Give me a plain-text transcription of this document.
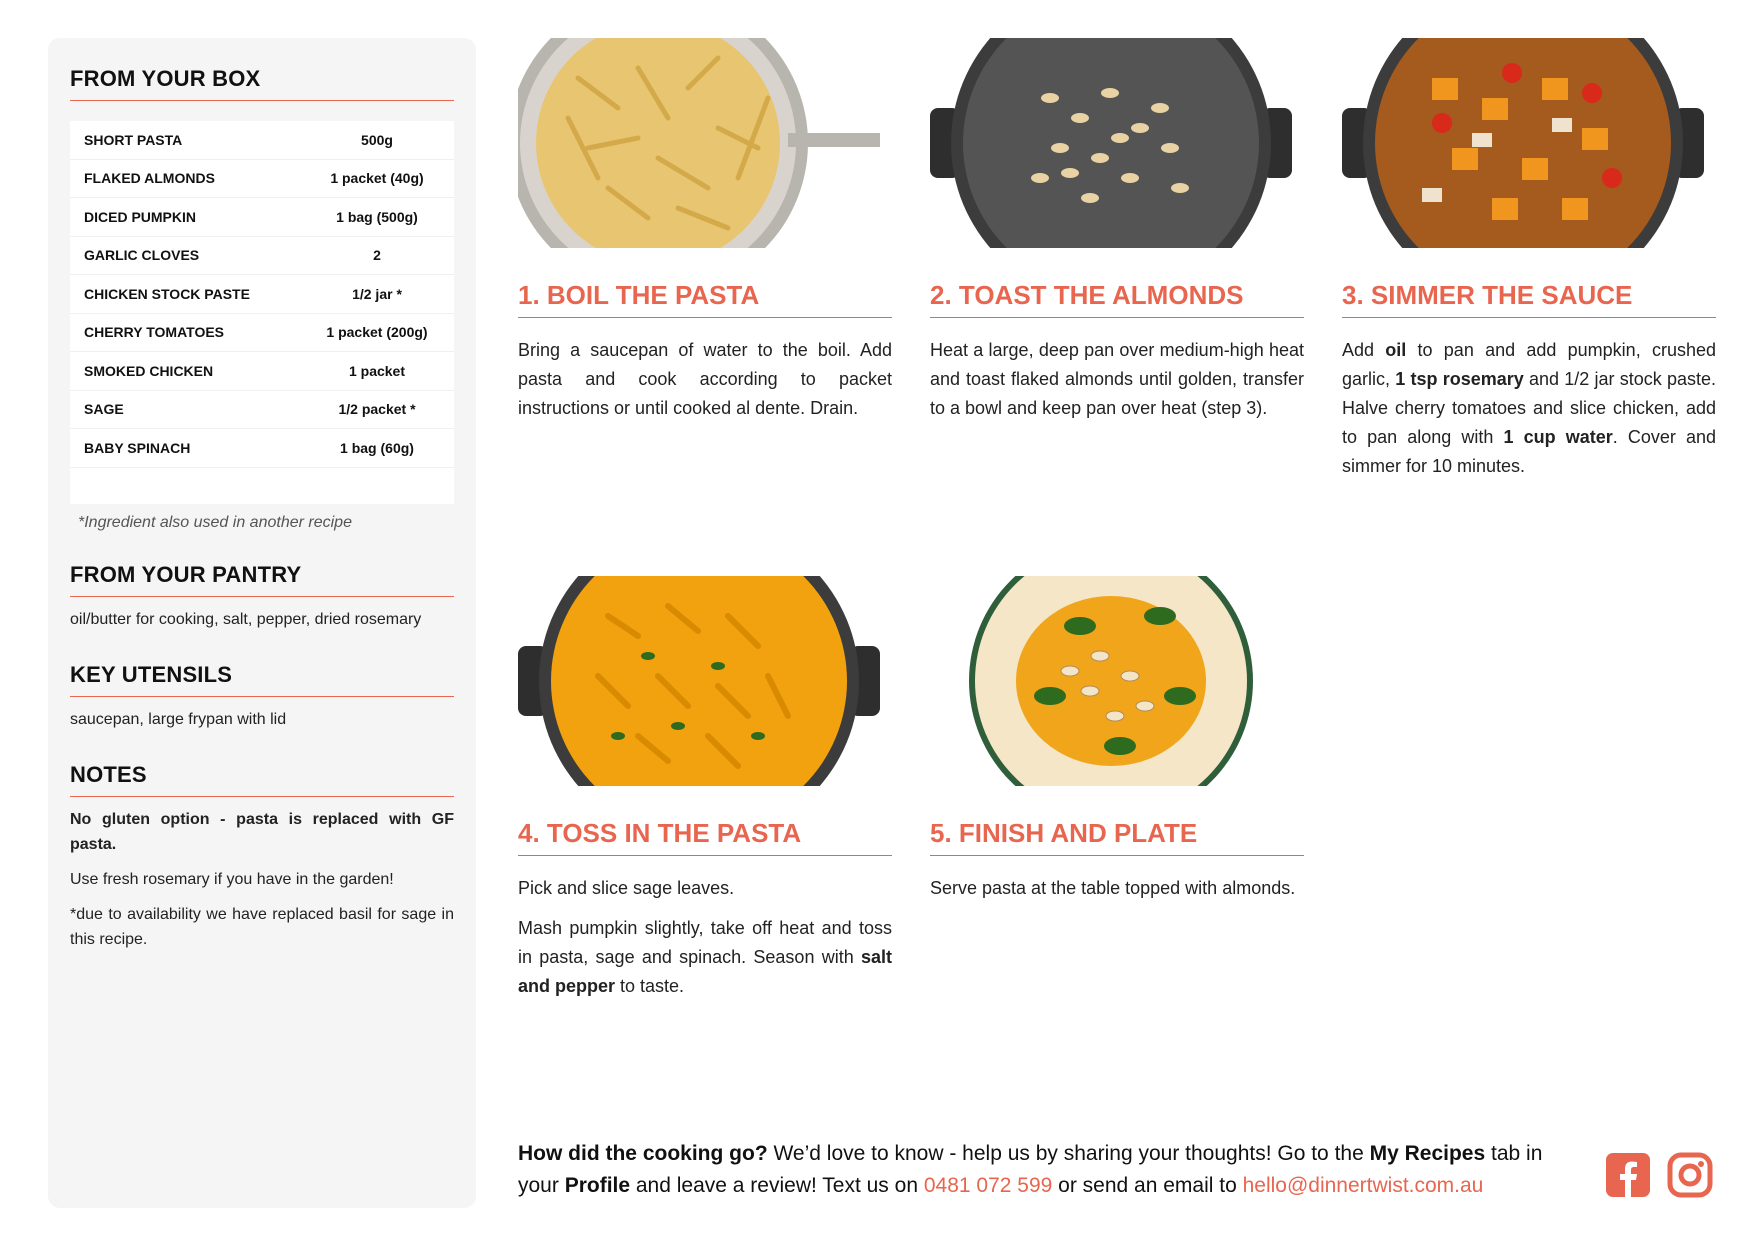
FROM YOUR BOX
SHORT PASTA	500g
FLAKED ALMONDS	1 packet (40g)
DICED PUMPKIN	1 bag (500g)
GARLIC CLOVES	2
CHICKEN STOCK PASTE	1/2 jar *
CHERRY TOMATOES	1 packet (200g)
SMOKED CHICKEN	1 packet
SAGE	1/2 packet *
BABY SPINACH	1 bag (60g)
*Ingredient also used in another recipe
FROM YOUR PANTRY
oil/butter for cooking, salt, pepper, dried rosemary
KEY UTENSILS
saucepan, large frypan with lid
NOTES
No gluten option - pasta is replaced with GF pasta.
Use fresh rosemary if you have in the garden!
*due to availability we have replaced basil for sage in this recipe.
1. BOIL THE PASTA
Bring a saucepan of water to the boil. Add pasta and cook according to packet instructions or until cooked al dente. Drain.
2. TOAST THE ALMONDS
Heat a large, deep pan over medium-high heat and toast flaked almonds until golden, transfer to a bowl and keep pan over heat (step 3).
3. SIMMER THE SAUCE
Add oil to pan and add pumpkin, crushed garlic, 1 tsp rosemary and 1/2 jar stock paste. Halve cherry tomatoes and slice chicken, add to pan along with 1 cup water. Cover and simmer for 10 minutes.
4. TOSS IN THE PASTA
Pick and slice sage leaves.
Mash pumpkin slightly, take off heat and toss in pasta, sage and spinach. Season with salt and pepper to taste.
5. FINISH AND PLATE
Serve pasta at the table topped with almonds.
How did the cooking go? We’d love to know - help us by sharing your thoughts! Go to the My Recipes tab in your Profile and leave a review! Text us on 0481 072 599 or send an email to hello@dinnertwist.com.au
